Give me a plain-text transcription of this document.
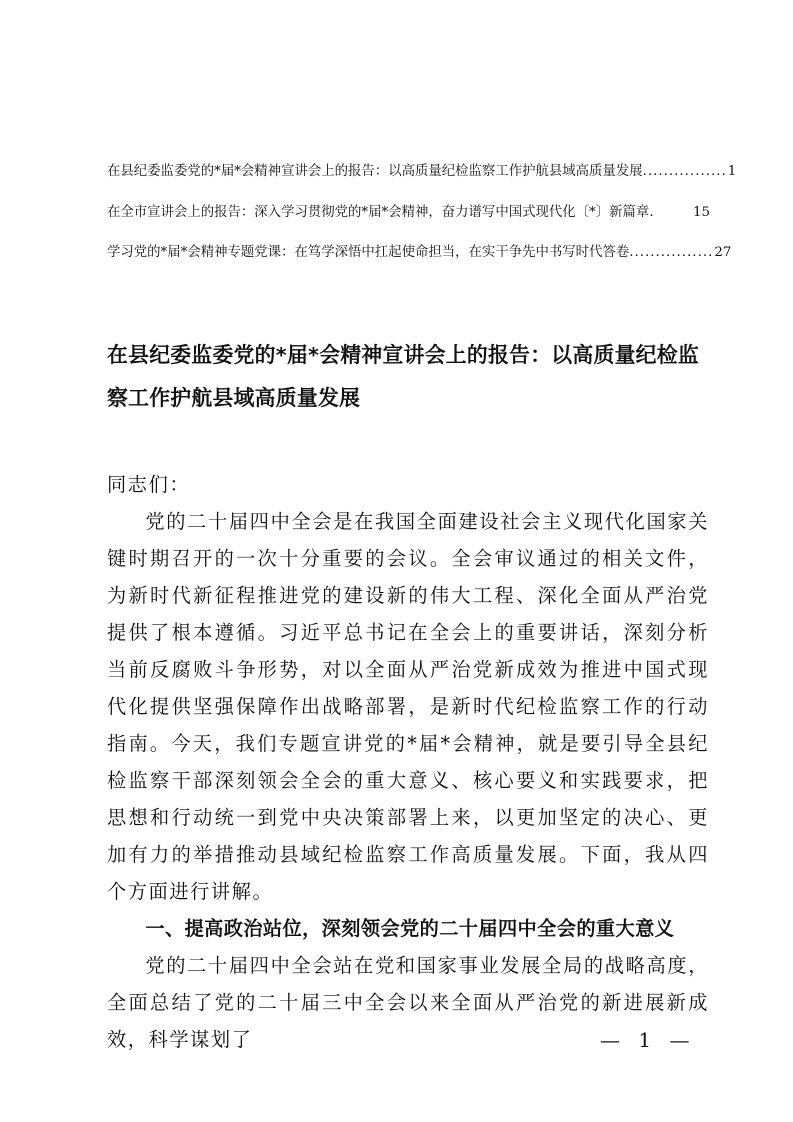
在县纪委监委党的*届*会精神宣讲会上的报告：以高质量纪检监察工作护航县域高质量发展 ................ 1
在全市宣讲会上的报告：深入学习贯彻党的*届*会精神，奋力谱写中国式现代化〔*〕新篇章 .	15
学习党的*届*会精神专题党课：在笃学深悟中扛起使命担当，在实干争先中书写时代答卷 ................ 27
在县纪委监委党的*届*会精神宣讲会上的报告：以高质量纪检监察工作护航县域高质量发展

同志们：

党的二十届四中全会是在我国全面建设社会主义现代化国家关键时期召开的一次十分重要的会议。全会审议通过的相关文件，为新时代新征程推进党的建设新的伟大工程、深化全面从严治党提供了根本遵循。习近平总书记在全会上的重要讲话，深刻分析当前反腐败斗争形势，对以全面从严治党新成效为推进中国式现代化提供坚强保障作出战略部署，是新时代纪检监察工作的行动指南。今天，我们专题宣讲党的*届*会精神，就是要引导全县纪检监察干部深刻领会全会的重大意义、核心要义和实践要求，把思想和行动统一到党中央决策部署上来，以更加坚定的决心、更加有力的举措推动县域纪检监察工作高质量发展。下面，我从四个方面进行讲解。

一、提高政治站位，深刻领会党的二十届四中全会的重大意义

党的二十届四中全会站在党和国家事业发展全局的战略高度，全面总结了党的二十届三中全会以来全面从严治党的新进展新成效，科学谋划了	— 1 —
